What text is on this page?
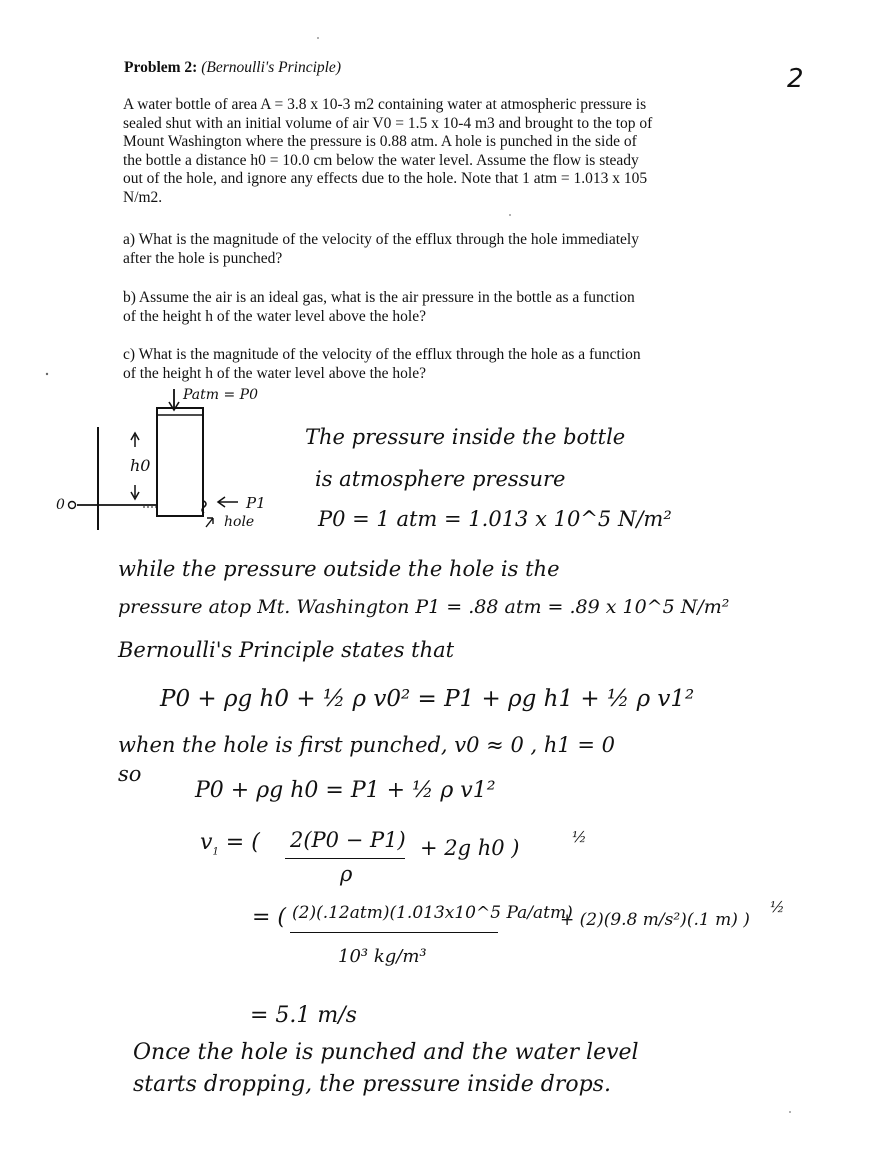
Problem 2: (Bernoulli's Principle)	2
A water bottle of area A = 3.8 x 10-3 m2 containing water at atmospheric pressure is
sealed shut with an initial volume of air V0 = 1.5 x 10-4 m3 and brought to the top of
Mount Washington where the pressure is 0.88 atm. A hole is punched in the side of
the bottle a distance h0 = 10.0 cm below the water level. Assume the flow is steady
out of the hole, and ignore any effects due to the hole. Note that 1 atm = 1.013 x 105
N/m2.
a) What is the magnitude of the velocity of the efflux through the hole immediately
after the hole is punched?
b) Assume the air is an ideal gas, what is the air pressure in the bottle as a function
of the height h of the water level above the hole?
c) What is the magnitude of the velocity of the efflux through the hole as a function
of the height h of the water level above the hole?
Patm = P0
h0
hole
P1
0
The pressure inside the bottle
is atmosphere pressure
P0 = 1 atm = 1.013 x 10^5 N/m²
while the pressure outside the hole is the
pressure atop Mt. Washington P1 = .88 atm = .89 x 10^5 N/m²
Bernoulli's Principle states that
P0 + ρg h0 + ½ ρ v0² = P1 + ρg h1 + ½ ρ v1²
when the hole is first punched, v0 ≈ 0 , h1 = 0
so
P0 + ρg h0 = P1 + ½ ρ v1²
$v_1$ = ( 2(P0 − P1)
ρ
+ 2g h0 )	½
= ( (2)(.12atm)(1.013x10^5 Pa/atm)
10³ kg/m³
+ (2)(9.8 m/s²)(.1 m) )
½
= 5.1 m/s
Once the hole is punched and the water level
starts dropping, the pressure inside drops.
